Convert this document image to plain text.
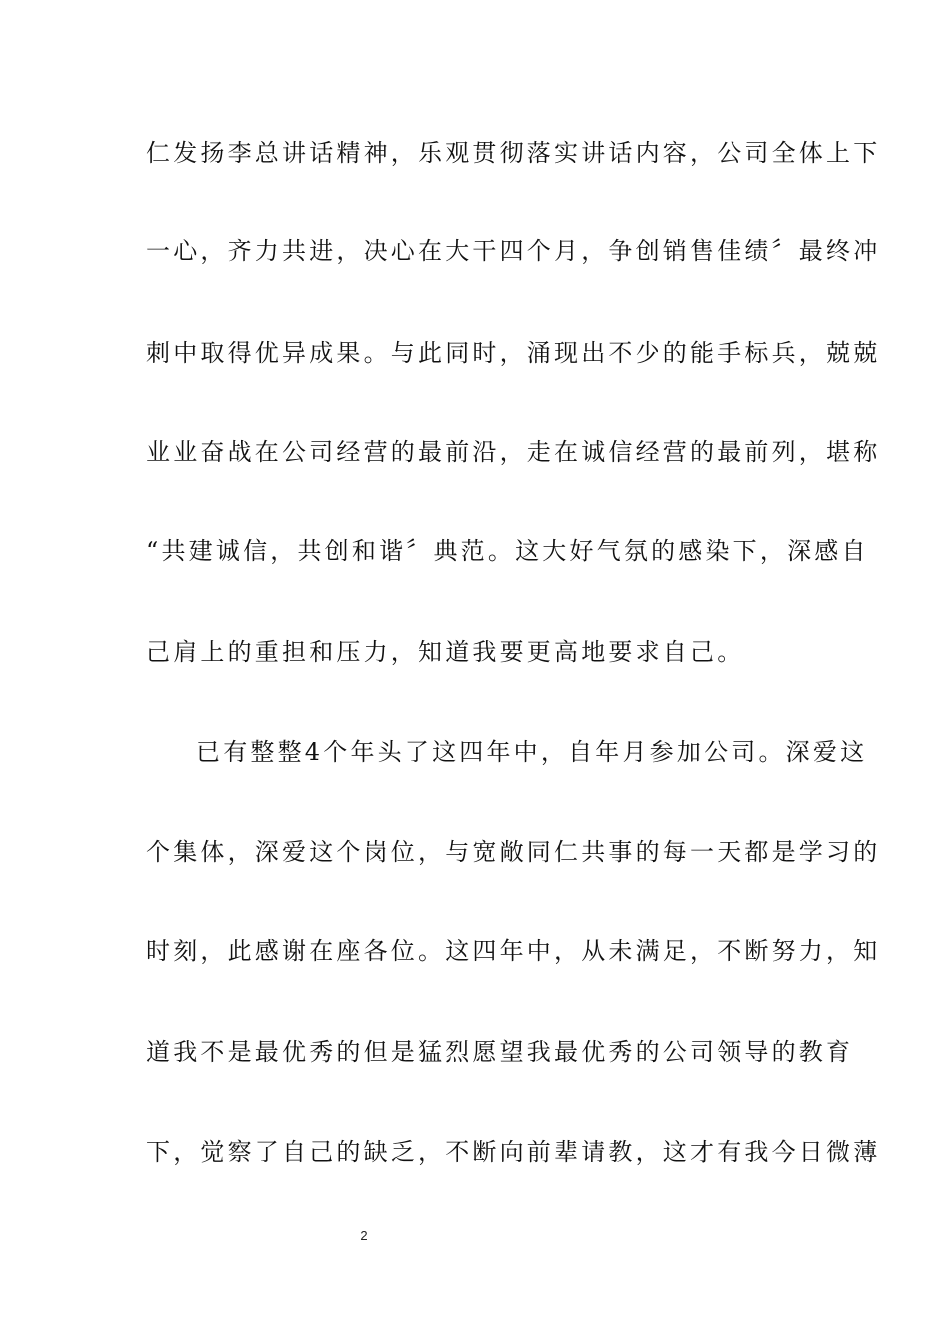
仁发扬李总讲话精神，乐观贯彻落实讲话内容，公司全体上下
一心，齐力共进，决心在大干四个月，争创销售佳绩〞最终冲
刺中取得优异成果。与此同时，涌现出不少的能手标兵，兢兢
业业奋战在公司经营的最前沿，走在诚信经营的最前列，堪称
“共建诚信，共创和谐〞典范。这大好气氛的感染下，深感自
己肩上的重担和压力，知道我要更高地要求自己。
已有整整4个年头了这四年中，自年月参加公司。深爱这
个集体，深爱这个岗位，与宽敞同仁共事的每一天都是学习的
时刻，此感谢在座各位。这四年中，从未满足，不断努力，知
道我不是最优秀的但是猛烈愿望我最优秀的公司领导的教育
下，觉察了自己的缺乏，不断向前辈请教，这才有我今日微薄
2
